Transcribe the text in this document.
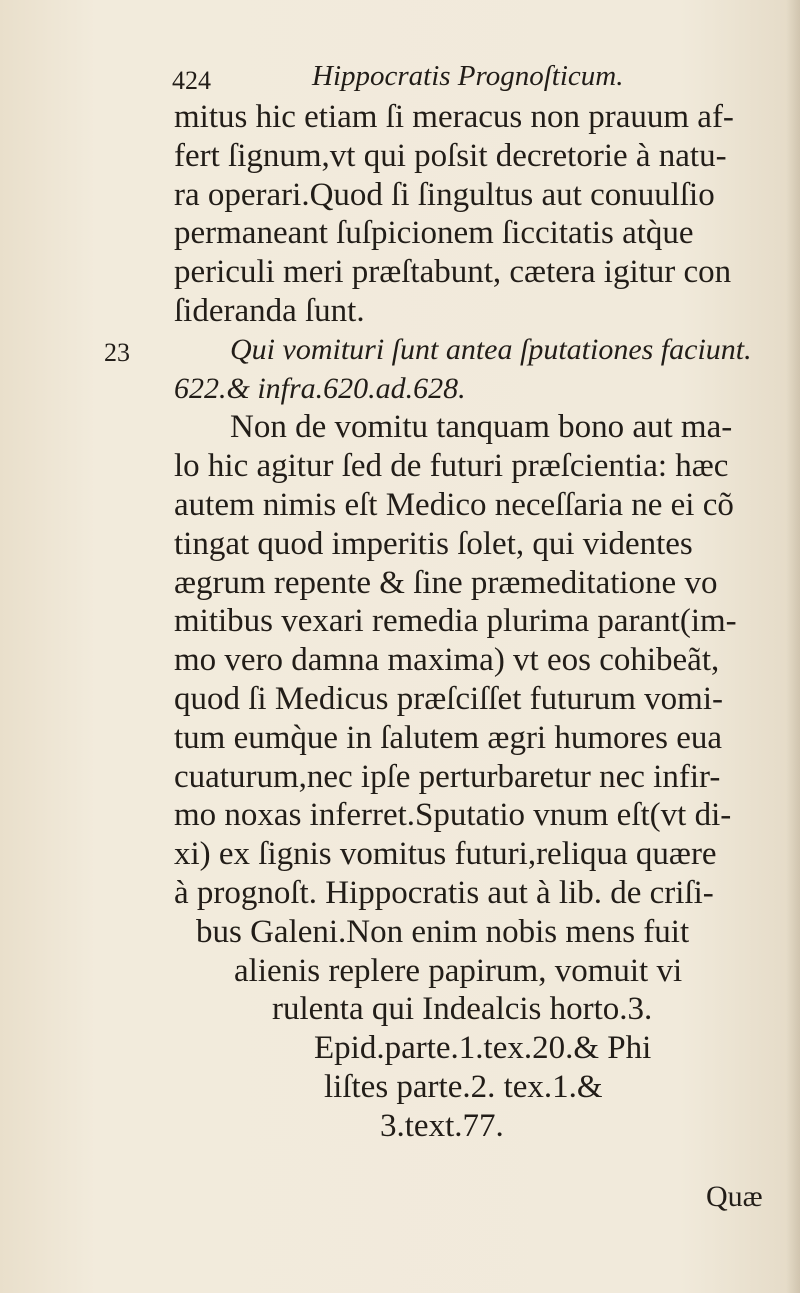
424	Hippocratis Prognoſticum.
23
mitus hic etiam ſi meracus non prauum af-
fert ſignum,vt qui poſsit decretorie à natu-
ra operari.Quod ſi ſingultus aut conuulſio
permaneant ſuſpicionem ſiccitatis atq̀ue
periculi meri præſtabunt, cætera igitur con
ſideranda ſunt.
Qui vomituri ſunt antea ſputationes faciunt.
622.& infra.620.ad.628.
Non de vomitu tanquam bono aut ma-
lo hic agitur ſed de futuri præſcientia: hæc
autem nimis eſt Medico neceſſaria ne ei cõ
tingat quod imperitis ſolet, qui videntes
ægrum repente & ſine præmeditatione vo
mitibus vexari remedia plurima parant(im-
mo vero damna maxima) vt eos cohibeãt,
quod ſi Medicus præſciſſet futurum vomi-
tum eumq̀ue in ſalutem ægri humores eua
cuaturum,nec ipſe perturbaretur nec infir-
mo noxas inferret.Sputatio vnum eſt(vt di-
xi) ex ſignis vomitus futuri,reliqua quære
à prognoſt. Hippocratis aut à lib. de criſi-
bus Galeni.Non enim nobis mens fuit
alienis replere papirum, vomuit vi
rulenta qui Indealcis horto.3.
Epid.parte.1.tex.20.& Phi
liſtes parte.2. tex.1.&
3.text.77.
Quæ
